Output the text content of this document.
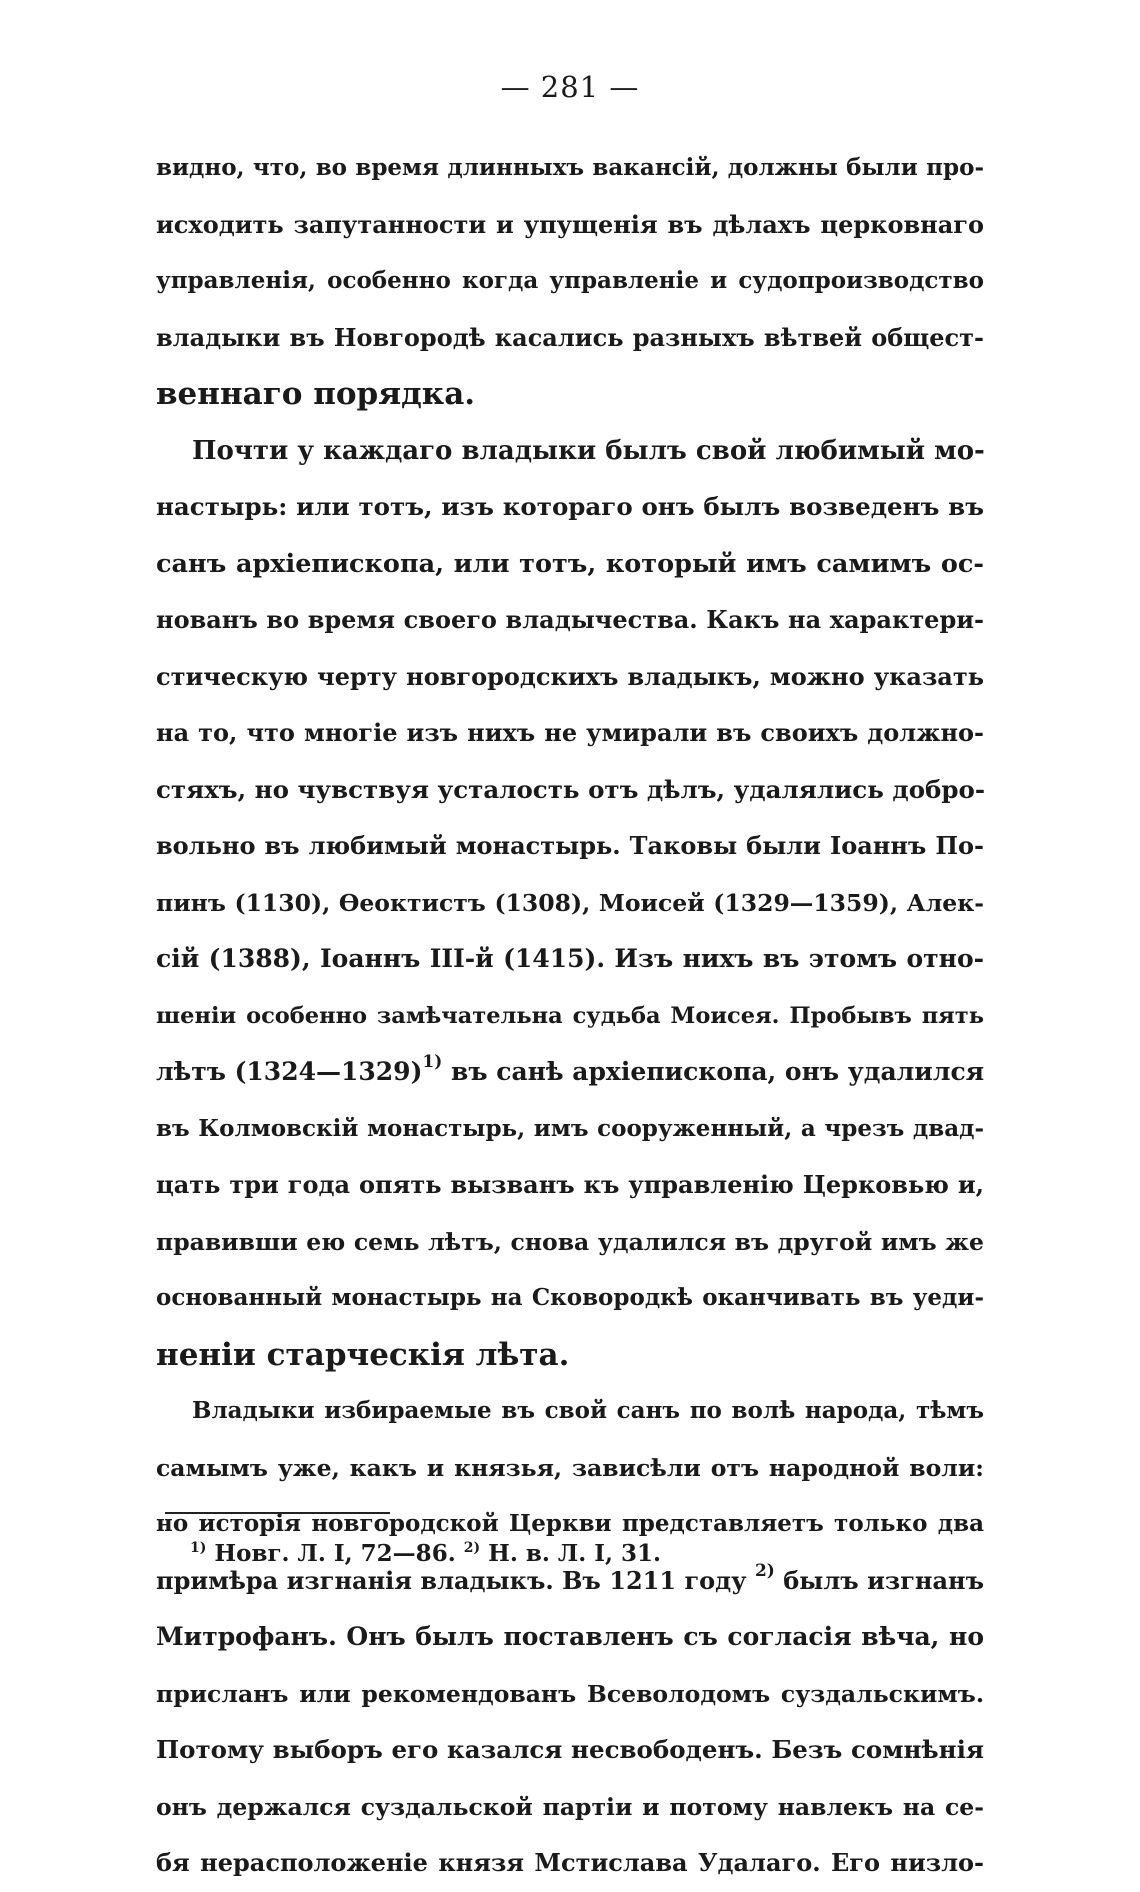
— 281 —
видно, что, во время длинныхъ вакансій, должны были про-
исходить запутанности и упущенія въ дѣлахъ церковнаго
управленія, особенно когда управленіе и судопроизводство
владыки въ Новгородѣ касались разныхъ вѣтвей общест-
веннаго порядка.
Почти у каждаго владыки былъ свой любимый мо-
настырь: или тотъ, изъ котораго онъ былъ возведенъ въ
санъ архіепископа, или тотъ, который имъ самимъ ос-
нованъ во время своего владычества. Какъ на характери-
стическую черту новгородскихъ владыкъ, можно указать
на то, что многіе изъ нихъ не умирали въ своихъ должно-
стяхъ, но чувствуя усталость отъ дѣлъ, удалялись добро-
вольно въ любимый монастырь. Таковы были Іоаннъ По-
пинъ (1130), Ѳеоктистъ (1308), Моисей (1329—1359), Алек-
сій (1388), Іоаннъ III-й (1415). Изъ нихъ въ этомъ отно-
шеніи особенно замѣчательна судьба Моисея. Пробывъ пять
лѣтъ (1324—1329)$^{1)}$ въ санѣ архіепископа, онъ удалился
въ Колмовскій монастырь, имъ сооруженный, а чрезъ двад-
цать три года опять вызванъ къ управленію Церковью и,
правивши ею семь лѣтъ, снова удалился въ другой имъ же
основанный монастырь на Сковородкѣ оканчивать въ уеди-
неніи старческія лѣта.
Владыки избираемые въ свой санъ по волѣ народа, тѣмъ
самымъ уже, какъ и князья, зависѣли отъ народной воли:
но исторія новгородской Церкви представляетъ только два
примѣра изгнанія владыкъ. Въ 1211 году $^{2)}$ былъ изгнанъ
Митрофанъ. Онъ былъ поставленъ съ согласія вѣча, но
присланъ или рекомендованъ Всеволодомъ суздальскимъ.
Потому выборъ его казался несвободенъ. Безъ сомнѣнія
онъ держался суздальской партіи и потому навлекъ на се-
бя нерасположеніе князя Мстислава Удалаго. Его низло-
$^{1)}$ Новг. Л. I, 72—86. $^{2)}$ Н. в. Л. I, 31.
